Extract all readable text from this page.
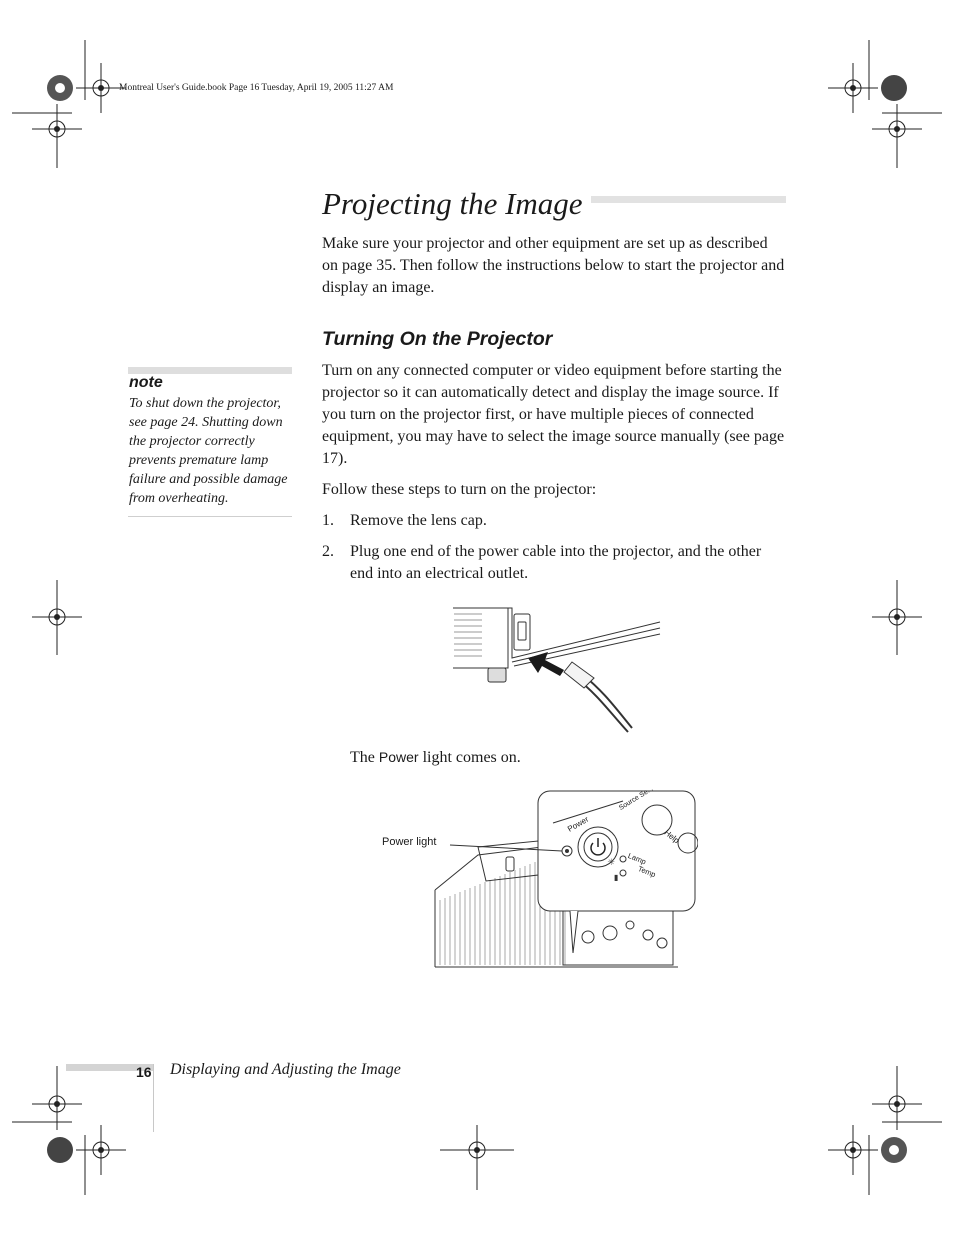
Montreal User's Guide.book Page 16 Tuesday, April 19, 2005 11:27 AM
Projecting the Image
Make sure your projector and other equipment are set up as described on page 35. Then follow the instructions below to start the projector and display an image.
Turning On the Projector
Turn on any connected computer or video equipment before starting the projector so it can automatically detect and display the image source. If you turn on the projector first, or have multiple pieces of connected equipment, you may have to select the image source manually (see page 17).
Follow these steps to turn on the projector:
1.	Remove the lens cap.
2.	Plug one end of the power cable into the projector, and the other end into an electrical outlet.
note
To shut down the projector, see page 24. Shutting down the projector correctly prevents premature lamp failure and possible damage from overheating.
The Power light comes on.
☼
▮
Power light
Power
Source Se...
Help
Lamp
Temp
16 Displaying and Adjusting the Image
